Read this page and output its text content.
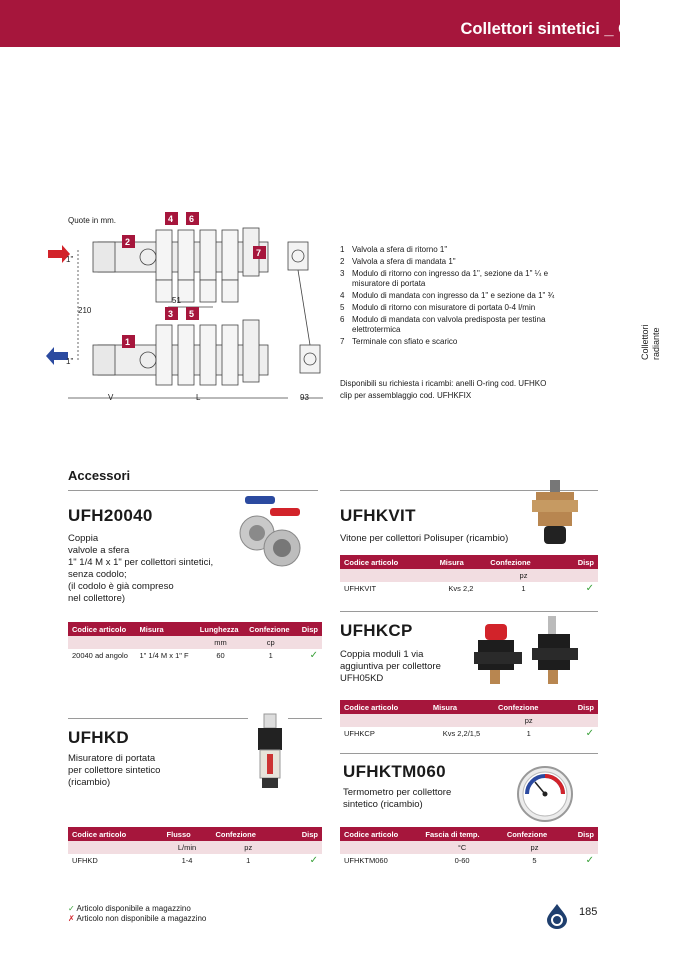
Collettori sintetici _ C4.1
Collettori radiante
Quote in mm.	4 6
2
7
3 5
1
1"
1"
210
51
V	L	93
1 Valvola a sfera di ritorno 1"
2 Valvola a sfera di mandata 1"
3 Modulo di ritorno con ingresso da 1", sezione da 1" ¼ e misuratore di portata
4 Modulo di mandata con ingresso da 1" e sezione da 1" ¾
5 Modulo di ritorno con misuratore di portata 0-4 l/min
6 Modulo di mandata con valvola predisposta per testina elettrotermica
7 Terminale con sfiato e scarico
Disponibili su richiesta i ricambi: anelli O-ring cod. UFHKO
clip per assemblaggio cod. UFHKFIX
Accessori
UFH20040
Coppia
valvole a sfera
1" 1/4 M x 1" per collettori sintetici,
senza codolo;
(il codolo è già compreso
nel collettore)
Codice articolo	Misura	Lunghezza	Confezione	Disp
		mm	cp	
20040 ad angolo	1" 1/4 M x 1" F	60	1	✓
UFHKD
Misuratore di portata
per collettore sintetico
(ricambio)
Codice articolo	Flusso	Confezione	Disp
	L/min	pz	
UFHKD	1-4	1	✓
UFHKVIT
Vitone per collettori Polisuper (ricambio)
Codice articolo	Misura	Confezione	Disp
		pz	
UFHKVIT	Kvs 2,2	1	✓
UFHKCP
Coppia moduli 1 via
aggiuntiva per collettore
UFH05KD
Codice articolo	Misura	Confezione	Disp
		pz	
UFHKCP	Kvs 2,2/1,5	1	✓
UFHKTM060
Termometro per collettore
sintetico (ricambio)
Codice articolo	Fascia di temp.	Confezione	Disp
	°C	pz	
UFHKTM060	0-60	5	✓
✓ Articolo disponibile a magazzino
✗ Articolo non disponibile a magazzino
185
